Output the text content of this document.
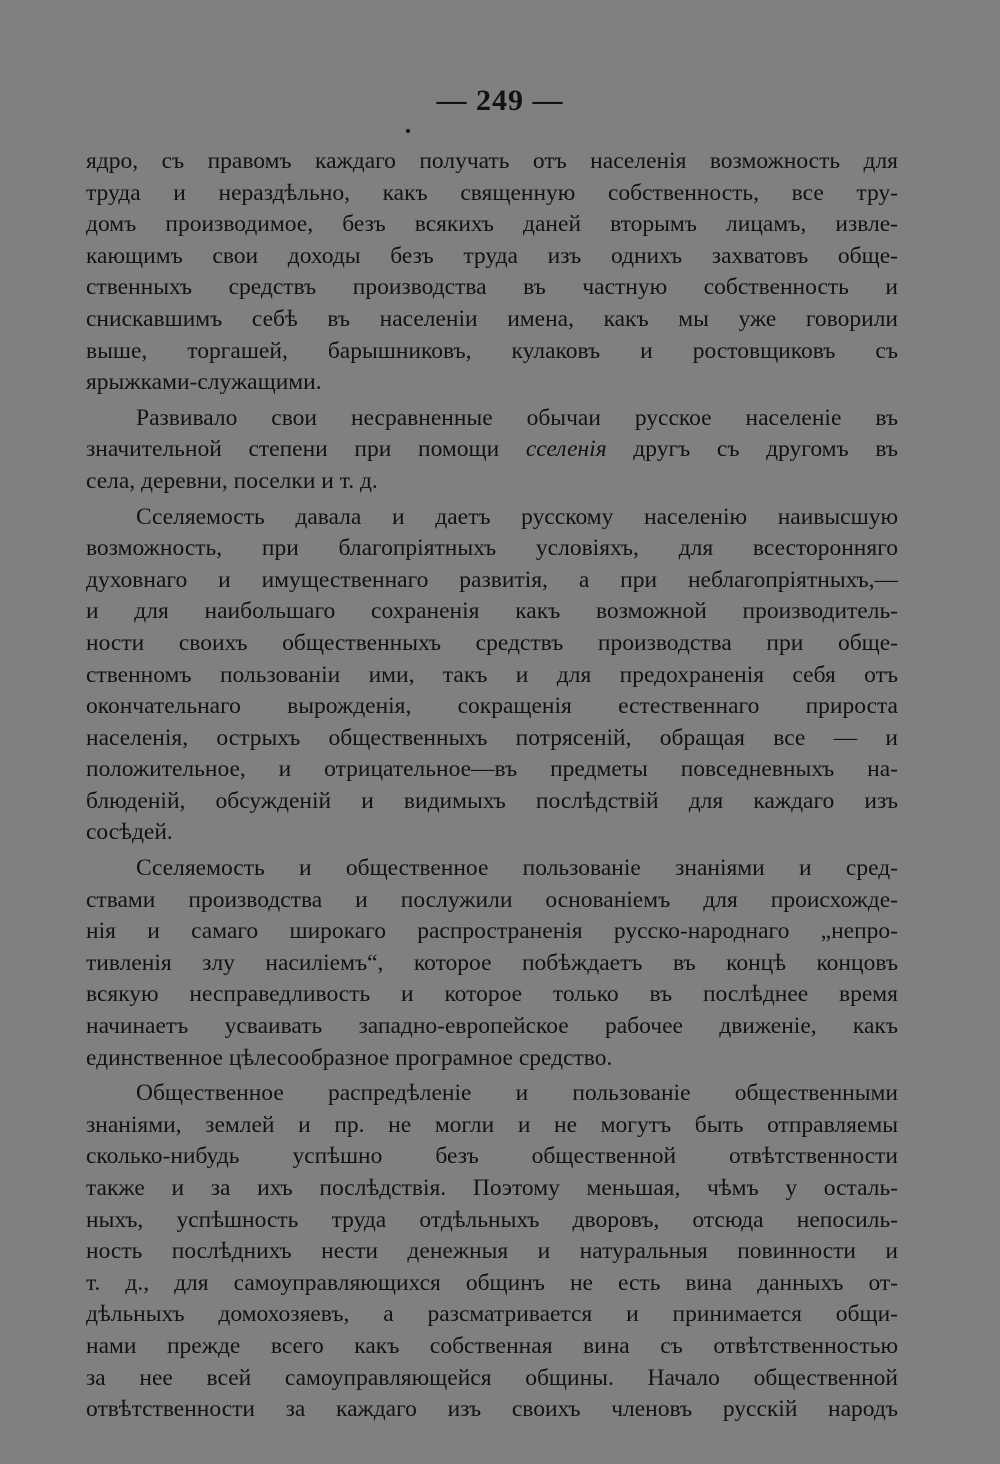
— 249 —
ядро, съ правомъ каждаго получать отъ населенія возможность для
труда и нераздѣльно, какъ священную собственность, все тру-
домъ производимое, безъ всякихъ даней вторымъ лицамъ, извле-
кающимъ свои доходы безъ труда изъ однихъ захватовъ обще-
ственныхъ средствъ производства въ частную собственность и
снискавшимъ себѣ въ населеніи имена, какъ мы уже говорили
выше, торгашей, барышниковъ, кулаковъ и ростовщиковъ съ
ярыжками-служащими.
Развивало свои несравненные обычаи русское населеніе въ
значительной степени при помощи сселенія друг​ъ съ другомъ въ
села, деревни, поселки и т. д.
Сселяемость давала и даетъ русскому населенію наивысшую
возможность, при благопріятныхъ условіяхъ, для всесторонняго
духовнаго и имущественнаго развитія, а при неблагопріятныхъ,—
и для наибольшаго сохраненія какъ возможной производитель-
ности своихъ общественныхъ средствъ производства при обще-
ственномъ пользованіи ими, такъ и для предохраненія себя отъ
окончательнаго вырожденія, сокращенія естественнаго прироста
населенія, острыхъ общественныхъ потрясеній, обращая все — и
положительное, и отрицательное—въ предметы повседневныхъ на-
блюденій, обсужденій и видимыхъ послѣдствій для каждаго изъ
сосѣдей.
Сселяемость и общественное пользованіе знаніями и сред-
ствами производства и послужили основаніемъ для происхожде-
нія и самаго широкаго распространенія русско-народнаго „непро-
тивленія злу насиліемъ“, которое побѣждаетъ въ концѣ концовъ
всякую несправедливость и которое только въ послѣднее время
начинаетъ усваивать западно-европейское рабочее движеніе, какъ
единственное цѣлесообразное програмное средство.
Общественное распредѣленіе и пользованіе общественными
знаніями, землей и пр. не могли и не могутъ быть отправляемы
сколько-нибудь успѣшно безъ общественной отвѣтственности
также и за ихъ послѣдствія. Поэтому меньшая, чѣмъ у осталь-
ныхъ, успѣшность труда отдѣльныхъ дворовъ, отсюда непосиль-
ность послѣднихъ нести денежныя и натуральныя повинности и
т. д., для самоуправляющихся общинъ не есть вина данныхъ от-
дѣльныхъ домохозяевъ, а разсматривается и принимается общи-
нами прежде всего какъ собственная вина съ отвѣтственностью
за нее всей самоуправляющейся общины. Начало общественной
отвѣтственности за каждаго изъ своихъ членовъ русскій народъ
